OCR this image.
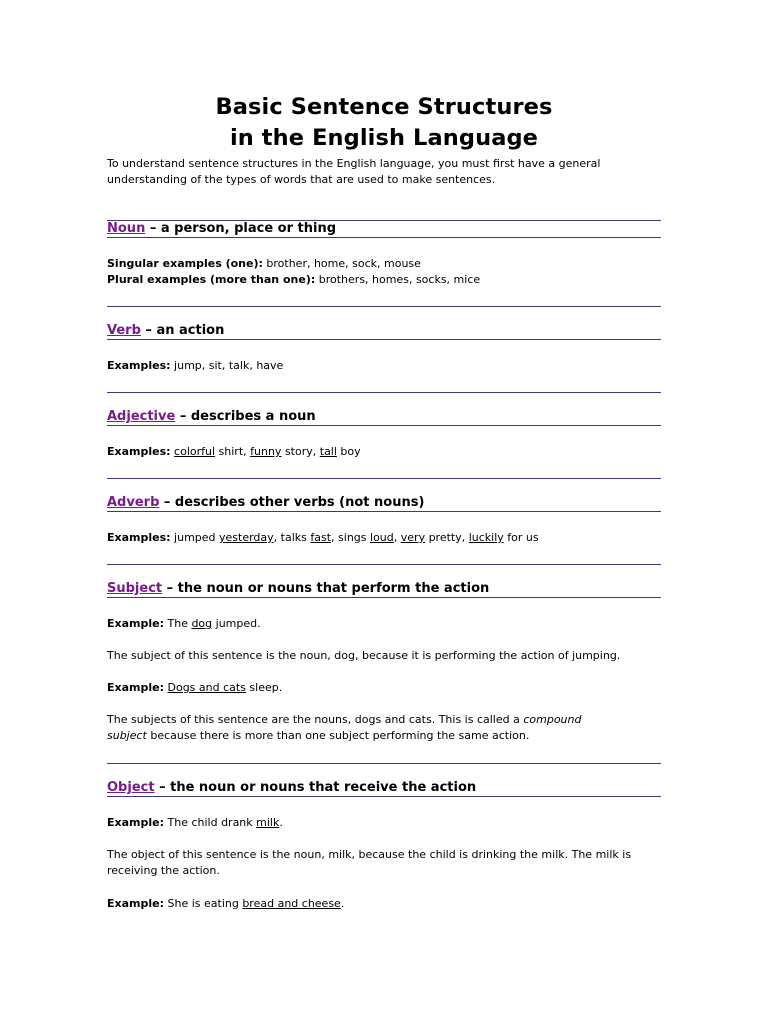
Basic Sentence Structures
in the English Language
To understand sentence structures in the English language, you must first have a general
understanding of the types of words that are used to make sentences.
Noun – a person, place or thing
Singular examples (one): brother, home, sock, mouse
Plural examples (more than one): brothers, homes, socks, mice
Verb – an action
Examples: jump, sit, talk, have
Adjective – describes a noun
Examples: colorful shirt, funny story, tall boy
Adverb – describes other verbs (not nouns)
Examples: jumped yesterday, talks fast, sings loud, very pretty, luckily for us
Subject – the noun or nouns that perform the action
Example: The dog jumped.
The subject of this sentence is the noun, dog, because it is performing the action of jumping.
Example: Dogs and cats sleep.
The subjects of this sentence are the nouns, dogs and cats. This is called a compound
subject because there is more than one subject performing the same action.
Object – the noun or nouns that receive the action
Example: The child drank milk.
The object of this sentence is the noun, milk, because the child is drinking the milk. The milk is
receiving the action.
Example: She is eating bread and cheese.
